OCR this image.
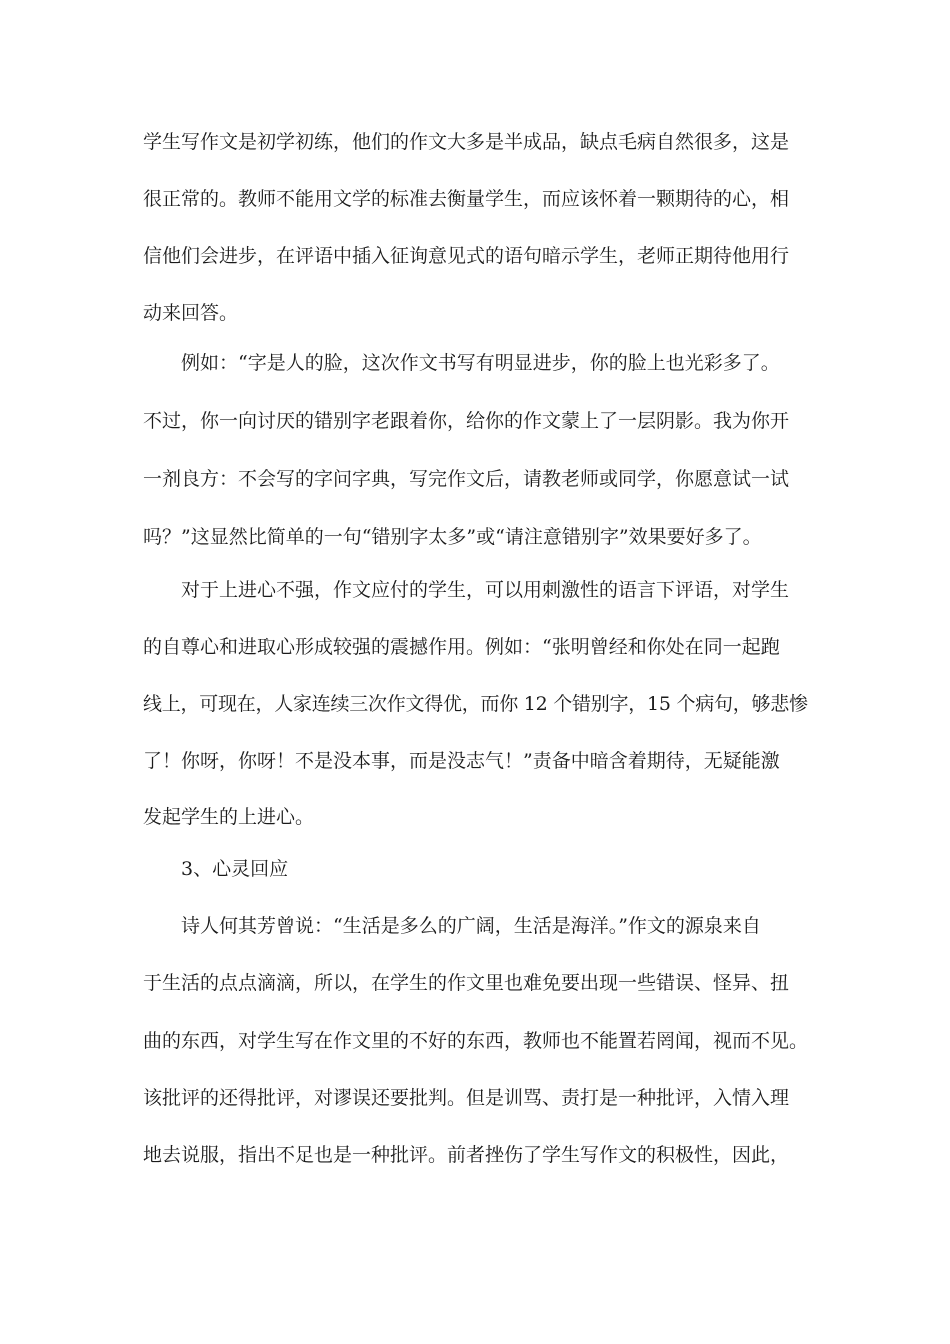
学生写作文是初学初练，他们的作文大多是半成品，缺点毛病自然很多，这是
很正常的。教师不能用文学的标准去衡量学生，而应该怀着一颗期待的心，相
信他们会进步，在评语中插入征询意见式的语句暗示学生，老师正期待他用行
动来回答。
例如：“字是人的脸，这次作文书写有明显进步，你的脸上也光彩多了。
不过，你一向讨厌的错别字老跟着你，给你的作文蒙上了一层阴影。我为你开
一剂良方：不会写的字问字典，写完作文后，请教老师或同学，你愿意试一试
吗？”这显然比简单的一句“错别字太多”或“请注意错别字”效果要好多了。
对于上进心不强，作文应付的学生，可以用刺激性的语言下评语，对学生
的自尊心和进取心形成较强的震撼作用。例如：“张明曾经和你处在同一起跑
线上，可现在，人家连续三次作文得优，而你 12 个错别字，15 个病句，够悲惨
了！你呀，你呀！不是没本事，而是没志气！”责备中暗含着期待，无疑能激
发起学生的上进心。
3、心灵回应
诗人何其芳曾说：“生活是多么的广阔，生活是海洋。”作文的源泉来自
于生活的点点滴滴，所以，在学生的作文里也难免要出现一些错误、怪异、扭
曲的东西，对学生写在作文里的不好的东西，教师也不能置若罔闻，视而不见。
该批评的还得批评，对谬误还要批判。但是训骂、责打是一种批评，入情入理
地去说服，指出不足也是一种批评。前者挫伤了学生写作文的积极性，因此，
